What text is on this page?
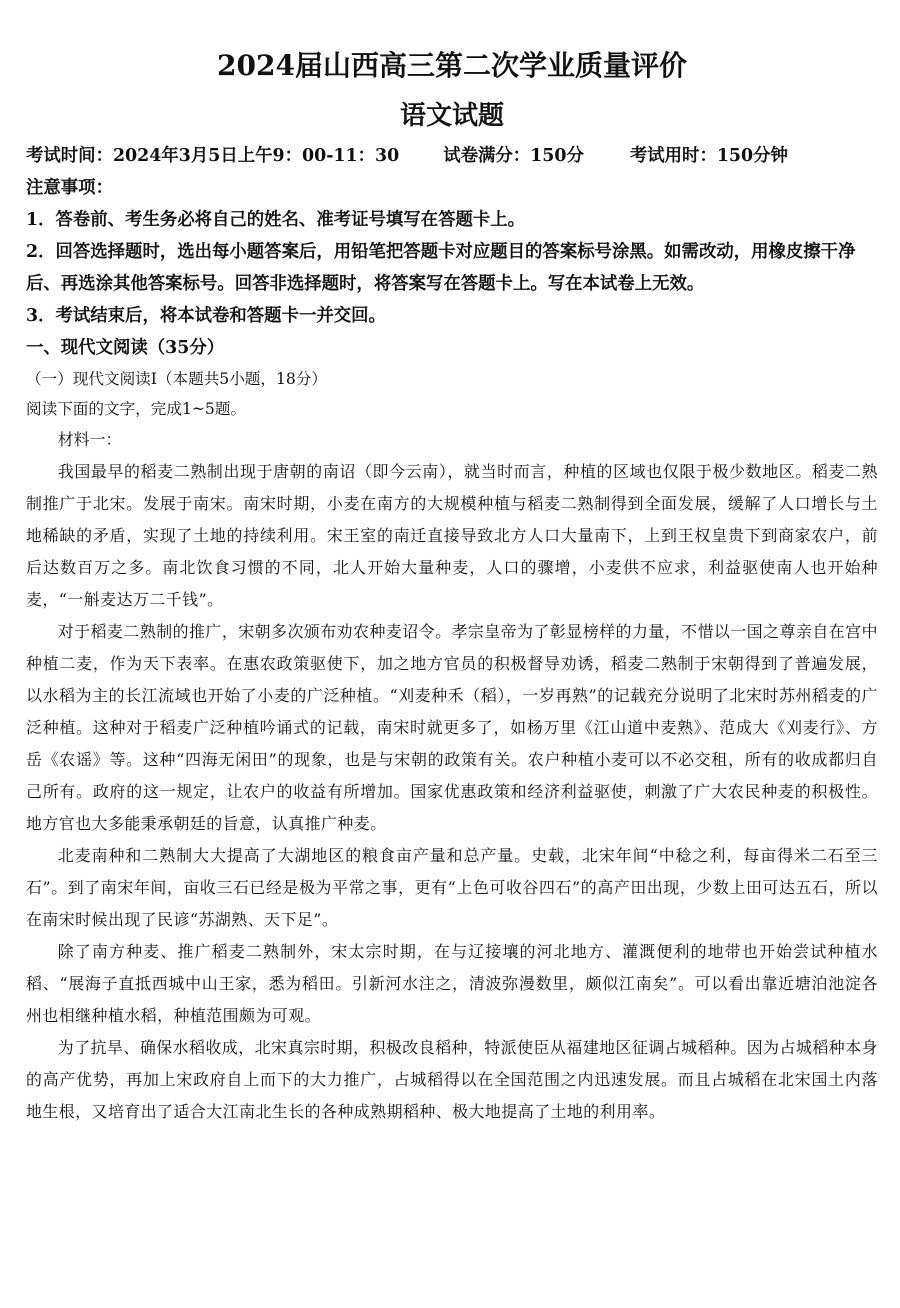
2024届山西高三第二次学业质量评价
语文试题
考试时间：2024年3月5日上午9：00-11：30	试卷满分：150分	考试用时：150分钟
注意事项：
1．答卷前、考生务必将自己的姓名、准考证号填写在答题卡上。
2．回答选择题时，选出每小题答案后，用铅笔把答题卡对应题目的答案标号涂黑。如需改动，用橡皮擦干净后、再选涂其他答案标号。回答非选择题时，将答案写在答题卡上。写在本试卷上无效。
3．考试结束后，将本试卷和答题卡一并交回。
一、现代文阅读（35分）
（一）现代文阅读Ⅰ（本题共5小题，18分）
阅读下面的文字，完成1~5题。

材料一：

我国最早的稻麦二熟制出现于唐朝的南诏（即今云南），就当时而言，种植的区域也仅限于极少数地区。稻麦二熟制推广于北宋。发展于南宋。南宋时期，小麦在南方的大规模种植与稻麦二熟制得到全面发展，缓解了人口增长与土地稀缺的矛盾，实现了土地的持续利用。宋王室的南迁直接导致北方人口大量南下，上到王权皇贵下到商家农户，前后达数百万之多。南北饮食习惯的不同，北人开始大量种麦，人口的骤增，小麦供不应求，利益驱使南人也开始种麦，“一斛麦达万二千钱”。

对于稻麦二熟制的推广，宋朝多次颁布劝农种麦诏令。孝宗皇帝为了彰显榜样的力量，不惜以一国之尊亲自在宫中种植二麦，作为天下表率。在惠农政策驱使下，加之地方官员的积极督导劝诱，稻麦二熟制于宋朝得到了普遍发展，以水稻为主的长江流域也开始了小麦的广泛种植。“刈麦种禾（稻），一岁再熟”的记载充分说明了北宋时苏州稻麦的广泛种植。这种对于稻麦广泛种植吟诵式的记载，南宋时就更多了，如杨万里《江山道中麦熟》、范成大《刈麦行》、方岳《农谣》等。这种“四海无闲田”的现象，也是与宋朝的政策有关。农户种植小麦可以不必交租，所有的收成都归自己所有。政府的这一规定，让农户的收益有所增加。国家优惠政策和经济利益驱使，刺激了广大农民种麦的积极性。地方官也大多能秉承朝廷的旨意，认真推广种麦。

北麦南种和二熟制大大提高了大湖地区的粮食亩产量和总产量。史载，北宋年间“中稔之利，每亩得米二石至三石”。到了南宋年间，亩收三石已经是极为平常之事，更有“上色可收谷四石”的高产田出现，少数上田可达五石，所以在南宋时候出现了民谚“苏湖熟、天下足”。

除了南方种麦、推广稻麦二熟制外，宋太宗时期，在与辽接壤的河北地方、灌溉便利的地带也开始尝试种植水稻、“展海子直抵西城中山王家，悉为稻田。引新河水注之，清波弥漫数里，颇似江南矣”。可以看出靠近塘泊池淀各州也相继种植水稻，种植范围颇为可观。

为了抗旱、确保水稻收成，北宋真宗时期，积极改良稻种，特派使臣从福建地区征调占城稻种。因为占城稻种本身的高产优势，再加上宋政府自上而下的大力推广，占城稻得以在全国范围之内迅速发展。而且占城稻在北宋国土内落地生根，又培育出了适合大江南北生长的各种成熟期稻种、极大地提高了土地的利用率。
